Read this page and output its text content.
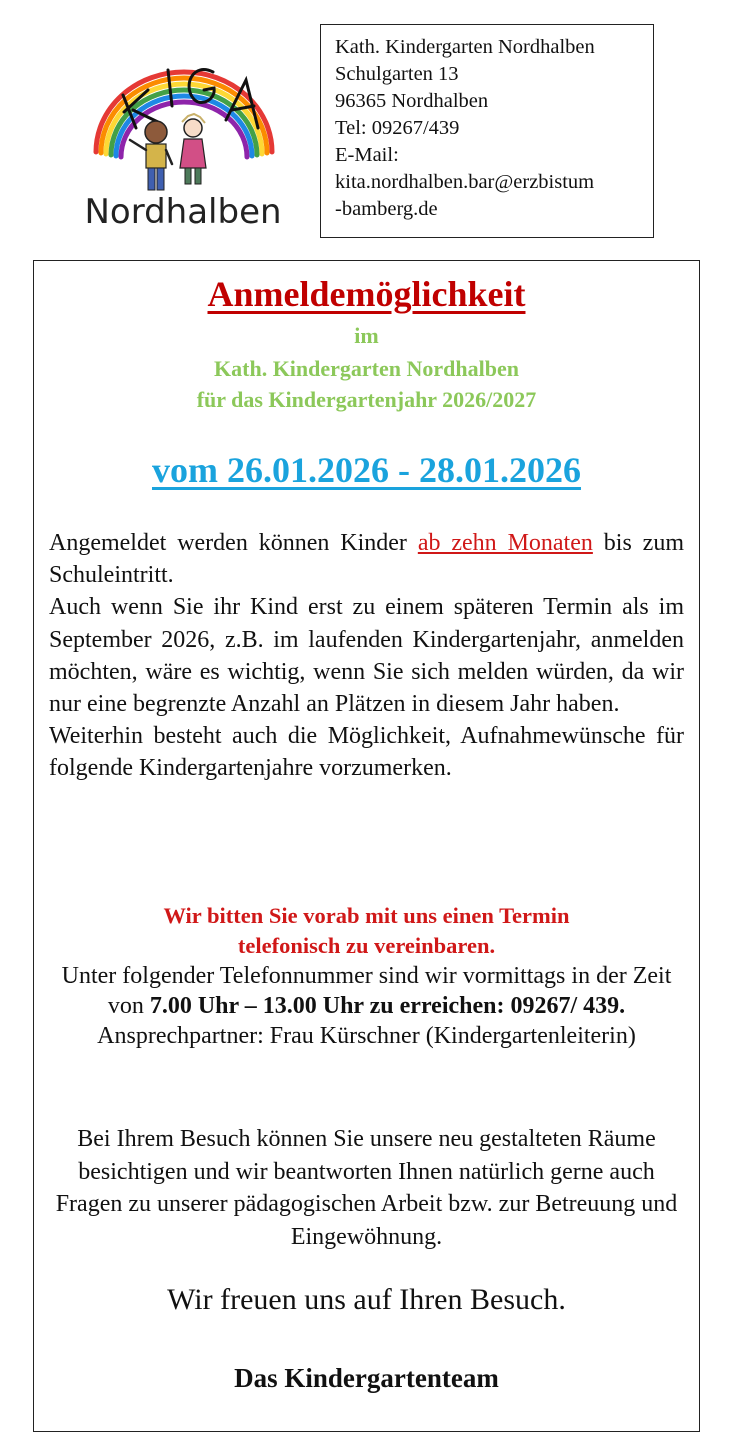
Nordhalben
Kath. Kindergarten Nordhalben
Schulgarten 13
96365 Nordhalben
Tel: 09267/439
E-Mail:
kita.nordhalben.bar@erzbistum
-bamberg.de
Anmeldemöglichkeit
im
Kath. Kindergarten Nordhalben
für das Kindergartenjahr 2026/2027
vom 26.01.2026 - 28.01.2026

Angemeldet werden können Kinder ab zehn Monaten bis zum Schuleintritt.

Auch wenn Sie ihr Kind erst zu einem späteren Termin als im September 2026, z.B. im laufenden Kindergartenjahr, anmelden möchten, wäre es wichtig, wenn Sie sich melden würden, da wir nur eine begrenzte Anzahl an Plätzen in diesem Jahr haben.

Weiterhin besteht auch die Möglichkeit, Aufnahmewünsche für folgende Kindergartenjahre vorzumerken.

Wir bitten Sie vorab mit uns einen Termin
telefonisch zu vereinbaren.
Unter folgender Telefonnummer sind wir vormittags in der Zeit
von 7.00 Uhr – 13.00 Uhr zu erreichen: 09267/ 439.
Ansprechpartner: Frau Kürschner (Kindergartenleiterin)
Bei Ihrem Besuch können Sie unsere neu gestalteten Räume besichtigen und wir beantworten Ihnen natürlich gerne auch Fragen zu unserer pädagogischen Arbeit bzw. zur Betreuung und Eingewöhnung.
Wir freuen uns auf Ihren Besuch.
Das Kindergartenteam
